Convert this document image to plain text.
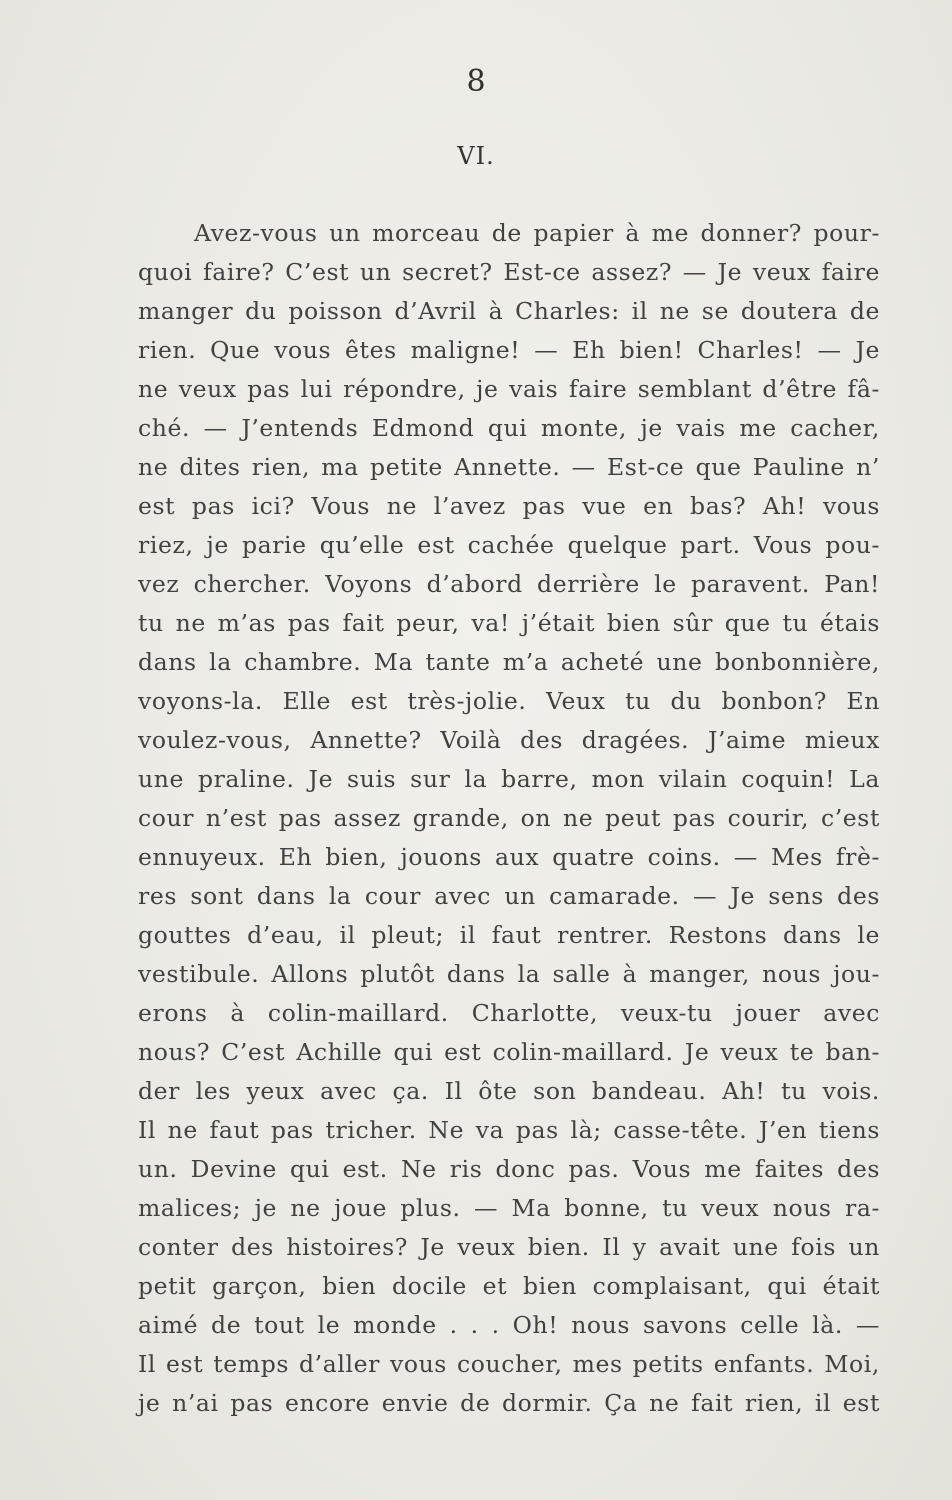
8
VI.
Avez-vous un morceau de papier à me donner? pour-
quoi faire? C’est un secret? Est-ce assez? — Je veux faire
manger du poisson d’Avril à Charles: il ne se doutera de
rien. Que vous êtes maligne! — Eh bien! Charles! — Je
ne veux pas lui répondre, je vais faire semblant d’être fâ-
ché. — J’entends Edmond qui monte, je vais me cacher,
ne dites rien, ma petite Annette. — Est-ce que Pauline n’
est pas ici? Vous ne l’avez pas vue en bas? Ah! vous
riez, je parie qu’elle est cachée quelque part. Vous pou-
vez chercher. Voyons d’abord derrière le paravent. Pan!
tu ne m’as pas fait peur, va! j’était bien sûr que tu étais
dans la chambre. Ma tante m’a acheté une bonbonnière,
voyons-la. Elle est très-jolie. Veux tu du bonbon? En
voulez-vous, Annette? Voilà des dragées. J’aime mieux
une praline. Je suis sur la barre, mon vilain coquin! La
cour n’est pas assez grande, on ne peut pas courir, c’est
ennuyeux. Eh bien, jouons aux quatre coins. — Mes frè-
res sont dans la cour avec un camarade. — Je sens des
gouttes d’eau, il pleut; il faut rentrer. Restons dans le
vestibule. Allons plutôt dans la salle à manger, nous jou-
erons à colin-maillard. Charlotte, veux-tu jouer avec
nous? C’est Achille qui est colin-maillard. Je veux te ban-
der les yeux avec ça. Il ôte son bandeau. Ah! tu vois.
Il ne faut pas tricher. Ne va pas là; casse-tête. J’en tiens
un. Devine qui est. Ne ris donc pas. Vous me faites des
malices; je ne joue plus. — Ma bonne, tu veux nous ra-
conter des histoires? Je veux bien. Il y avait une fois un
petit garçon, bien docile et bien complaisant, qui était
aimé de tout le monde . . . Oh! nous savons celle là. —
Il est temps d’aller vous coucher, mes petits enfants. Moi,
je n’ai pas encore envie de dormir. Ça ne fait rien, il est
